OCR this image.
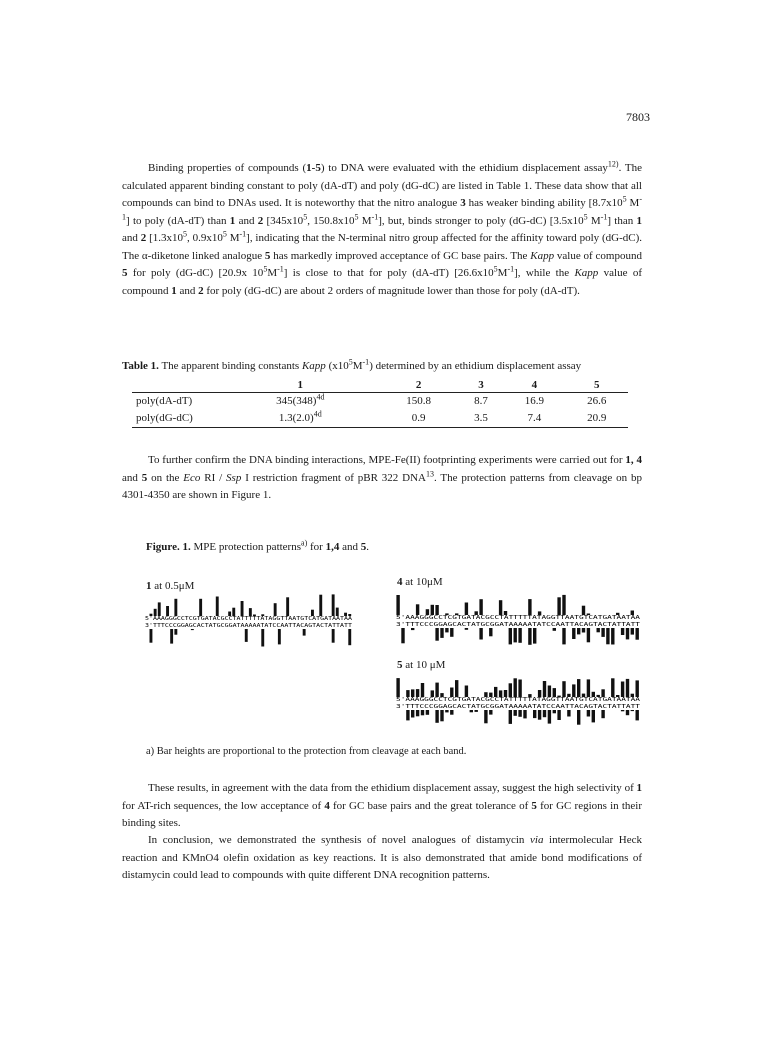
7803

Binding properties of compounds (1-5) to DNA were evaluated with the ethidium displacement assay$^{12)}$. The calculated apparent binding constant to poly (dA-dT) and poly (dG-dC) are listed in Table 1. These data show that all compounds can bind to DNAs used. It is noteworthy that the nitro analogue 3 has weaker binding ability [$8.7x10^5$ $M^{-1}$] to poly (dA-dT) than 1 and 2 [$345x10^5$, $150.8x10^5$ $M^{-1}$], but, binds stronger to poly (dG-dC) [$3.5x10^5$ $M^{-1}$] than 1 and 2 [$1.3x10^5$, $0.9x10^5$ $M^{-1}$], indicating that the N-terminal nitro group affected for the affinity toward poly (dG-dC). The α-diketone linked analogue 5 has markedly improved acceptance of GC base pairs. The Kapp value of compound 5 for poly (dG-dC) [20.9x $10^5M^{-1}$] is close to that for poly (dA-dT) $[26.6x10^5M^{-1}]$, while the Kapp value of compound 1 and 2 for poly (dG-dC) are about 2 orders of magnitude lower than those for poly (dA-dT).

Table 1. The apparent binding constants Kapp $(x10^5M^{-1})$ determined by an ethidium displacement assay
	1	2	3	4	5
poly(dA-dT)	$345(348)^{4d}$	150.8	8.7	16.9	26.6
poly(dG-dC)	$1.3(2.0)^{4d}$	0.9	3.5	7.4	20.9

To further confirm the DNA binding interactions, MPE-Fe(II) footprinting experiments were carried out for 1, 4 and 5 on the Eco RI / Ssp I restriction fragment of pBR 322 DNA$^{13}$. The protection patterns from cleavage on bp 4301-4350 are shown in Figure 1.

Figure. 1. MPE protection patterns$^{a)}$ for 1,4 and 5.
1 at 0.5μM	4 at 10μM
5 at 10 μM
5'AAAGGGCCTCGTGATACGCCTATTTTTATAGGTTAATGTCATGATAATAA
3'TTTCCCGGAGCACTATGCGGATAAAAATATCCAATTACAGTACTATTATT
5'AAAGGGCCTCGTGATACGCCTATTTTTATAGGTTAATGTCATGATAATAA
3'TTTCCCGGAGCACTATGCGGATAAAAATATCCAATTACAGTACTATTATT
5'AAAGGGCCTCGTGATACGCCTATTTTTATAGGTTAATGTCATGATAATAA
3'TTTCCCGGAGCACTATGCGGATAAAAATATCCAATTACAGTACTATTATT
a) Bar heights are proportional to the protection from cleavage at each band.

These results, in agreement with the data from the ethidium displacement assay, suggest the high selectivity of 1 for AT-rich sequences, the low acceptance of 4 for GC base pairs and the great tolerance of 5 for GC regions in their binding sites.

In conclusion, we demonstrated the synthesis of novel analogues of distamycin via intermolecular Heck reaction and KMnO4 olefin oxidation as key reactions. It is also demonstrated that amide bond modifications of distamycin could lead to compounds with quite different DNA recognition patterns.
